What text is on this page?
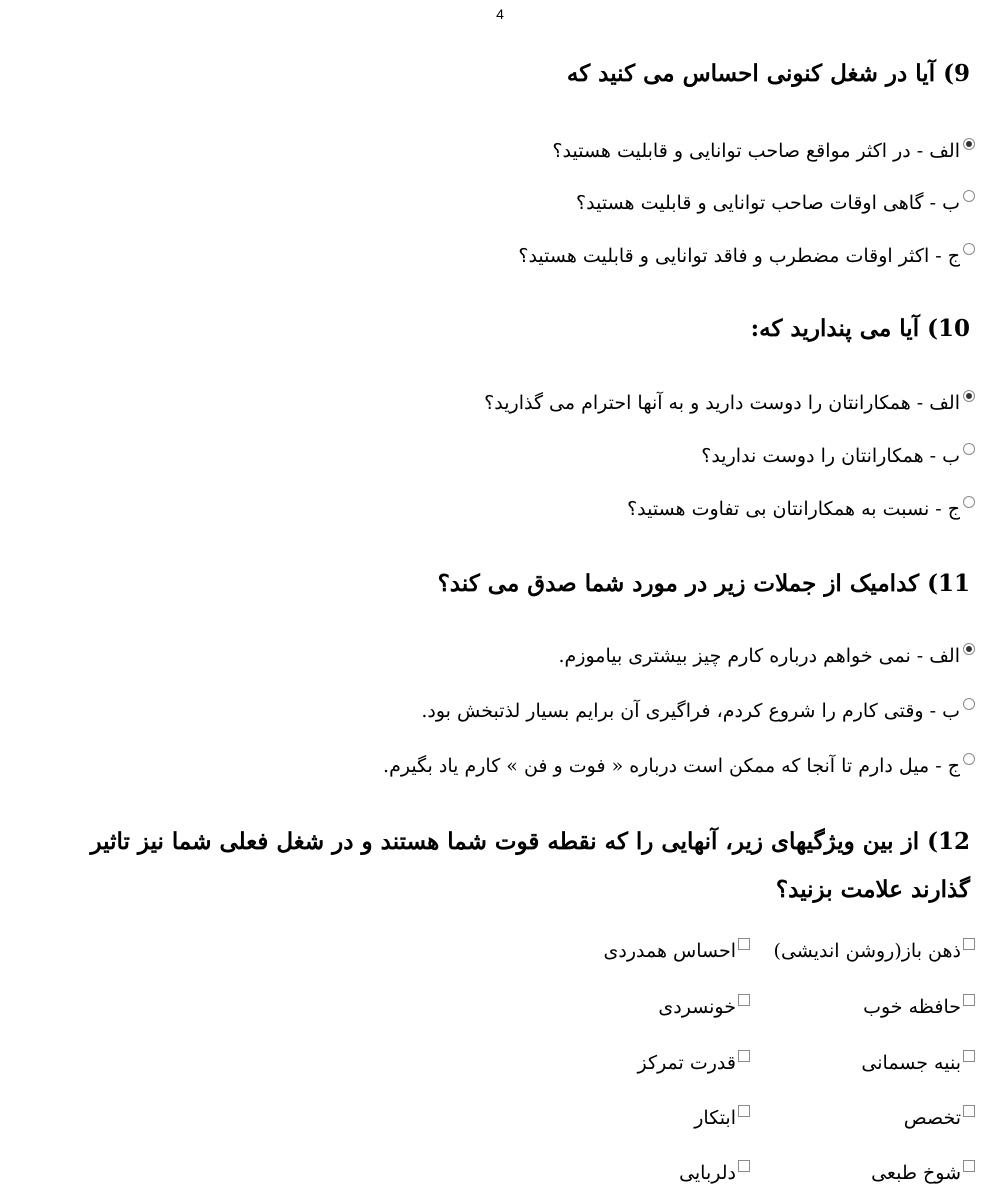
4
9) آیا در شغل کنونی احساس می کنید که
الف - در اکثر مواقع صاحب توانایی و قابلیت هستید؟
ب - گاهی اوقات صاحب توانایی و قابلیت هستید؟
ج - اکثر اوقات مضطرب و فاقد توانایی و قابلیت هستید؟
10) آیا می پندارید که:
الف - همکارانتان را دوست دارید و به آنها احترام می گذارید؟
ب - همکارانتان را دوست ندارید؟
ج - نسبت به همکارانتان بی تفاوت هستید؟
11) کدامیک از جملات زیر در مورد شما صدق می کند؟
الف - نمی خواهم درباره کارم چیز بیشتری بیاموزم.
ب - وقتی کارم را شروع کردم، فراگیری آن برایم بسیار لذتبخش بود.
ج - میل دارم تا آنجا که ممکن است درباره « فوت و فن » کارم یاد بگیرم.
12) از بین ویژگیهای زیر، آنهایی را که نقطه قوت شما هستند و در شغل فعلی شما نیز تاثیر گذارند علامت بزنید؟
ذهن باز(روشن اندیشی)
احساس همدردی
حافظه خوب
خونسردی
بنیه جسمانی
قدرت تمرکز
تخصص
ابتکار
شوخ طبعی
دلربایی
